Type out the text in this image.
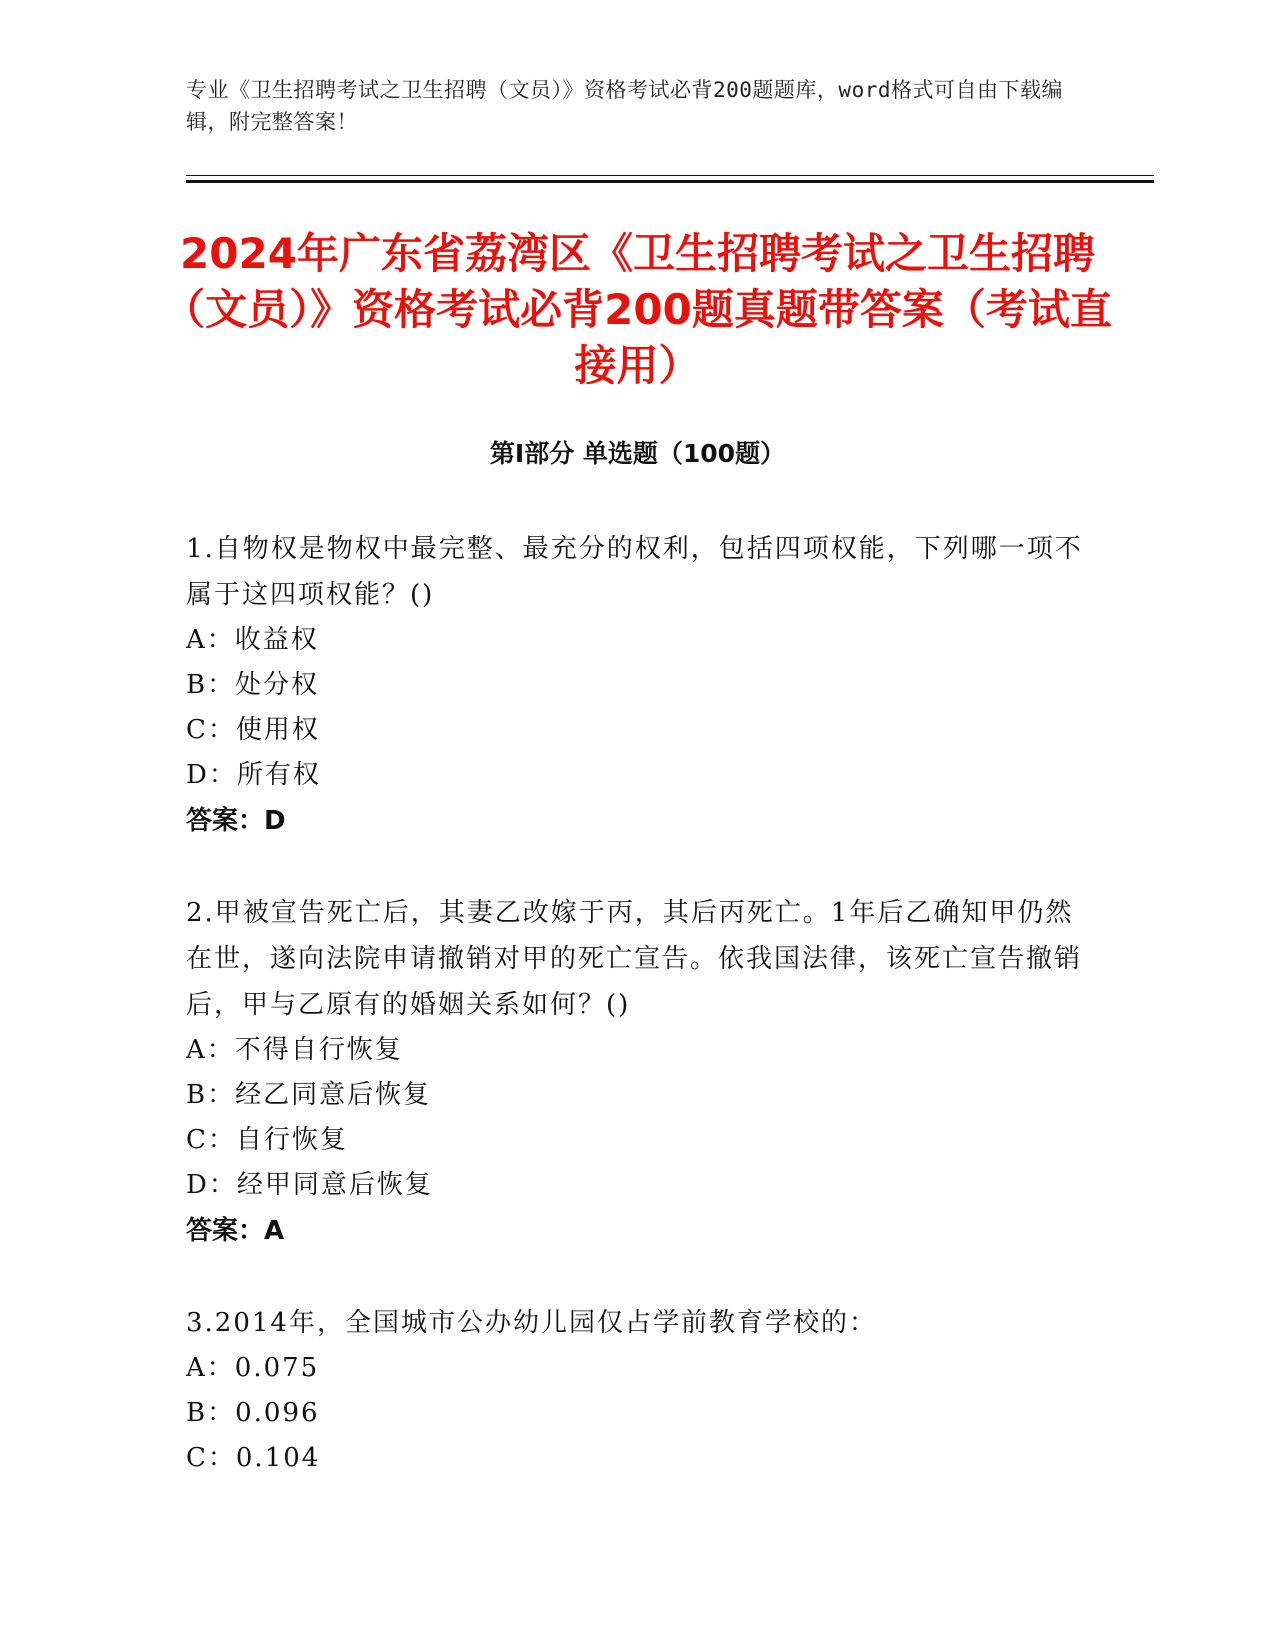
专业《卫生招聘考试之卫生招聘（文员）》资格考试必背200题题库，word格式可自由下载编辑，附完整答案！
2024年广东省荔湾区《卫生招聘考试之卫生招聘（文员）》资格考试必背200题真题带答案（考试直接用）
第I部分 单选题（100题）

1.自物权是物权中最完整、最充分的权利，包括四项权能，下列哪一项不属于这四项权能？()

A：收益权

B：处分权

C：使用权

D：所有权

答案：D

2.甲被宣告死亡后，其妻乙改嫁于丙，其后丙死亡。1年后乙确知甲仍然在世，遂向法院申请撤销对甲的死亡宣告。依我国法律，该死亡宣告撤销后，甲与乙原有的婚姻关系如何？()

A：不得自行恢复

B：经乙同意后恢复

C：自行恢复

D：经甲同意后恢复

答案：A

3.2014年，全国城市公办幼儿园仅占学前教育学校的：

A：0.075

B：0.096

C：0.104
